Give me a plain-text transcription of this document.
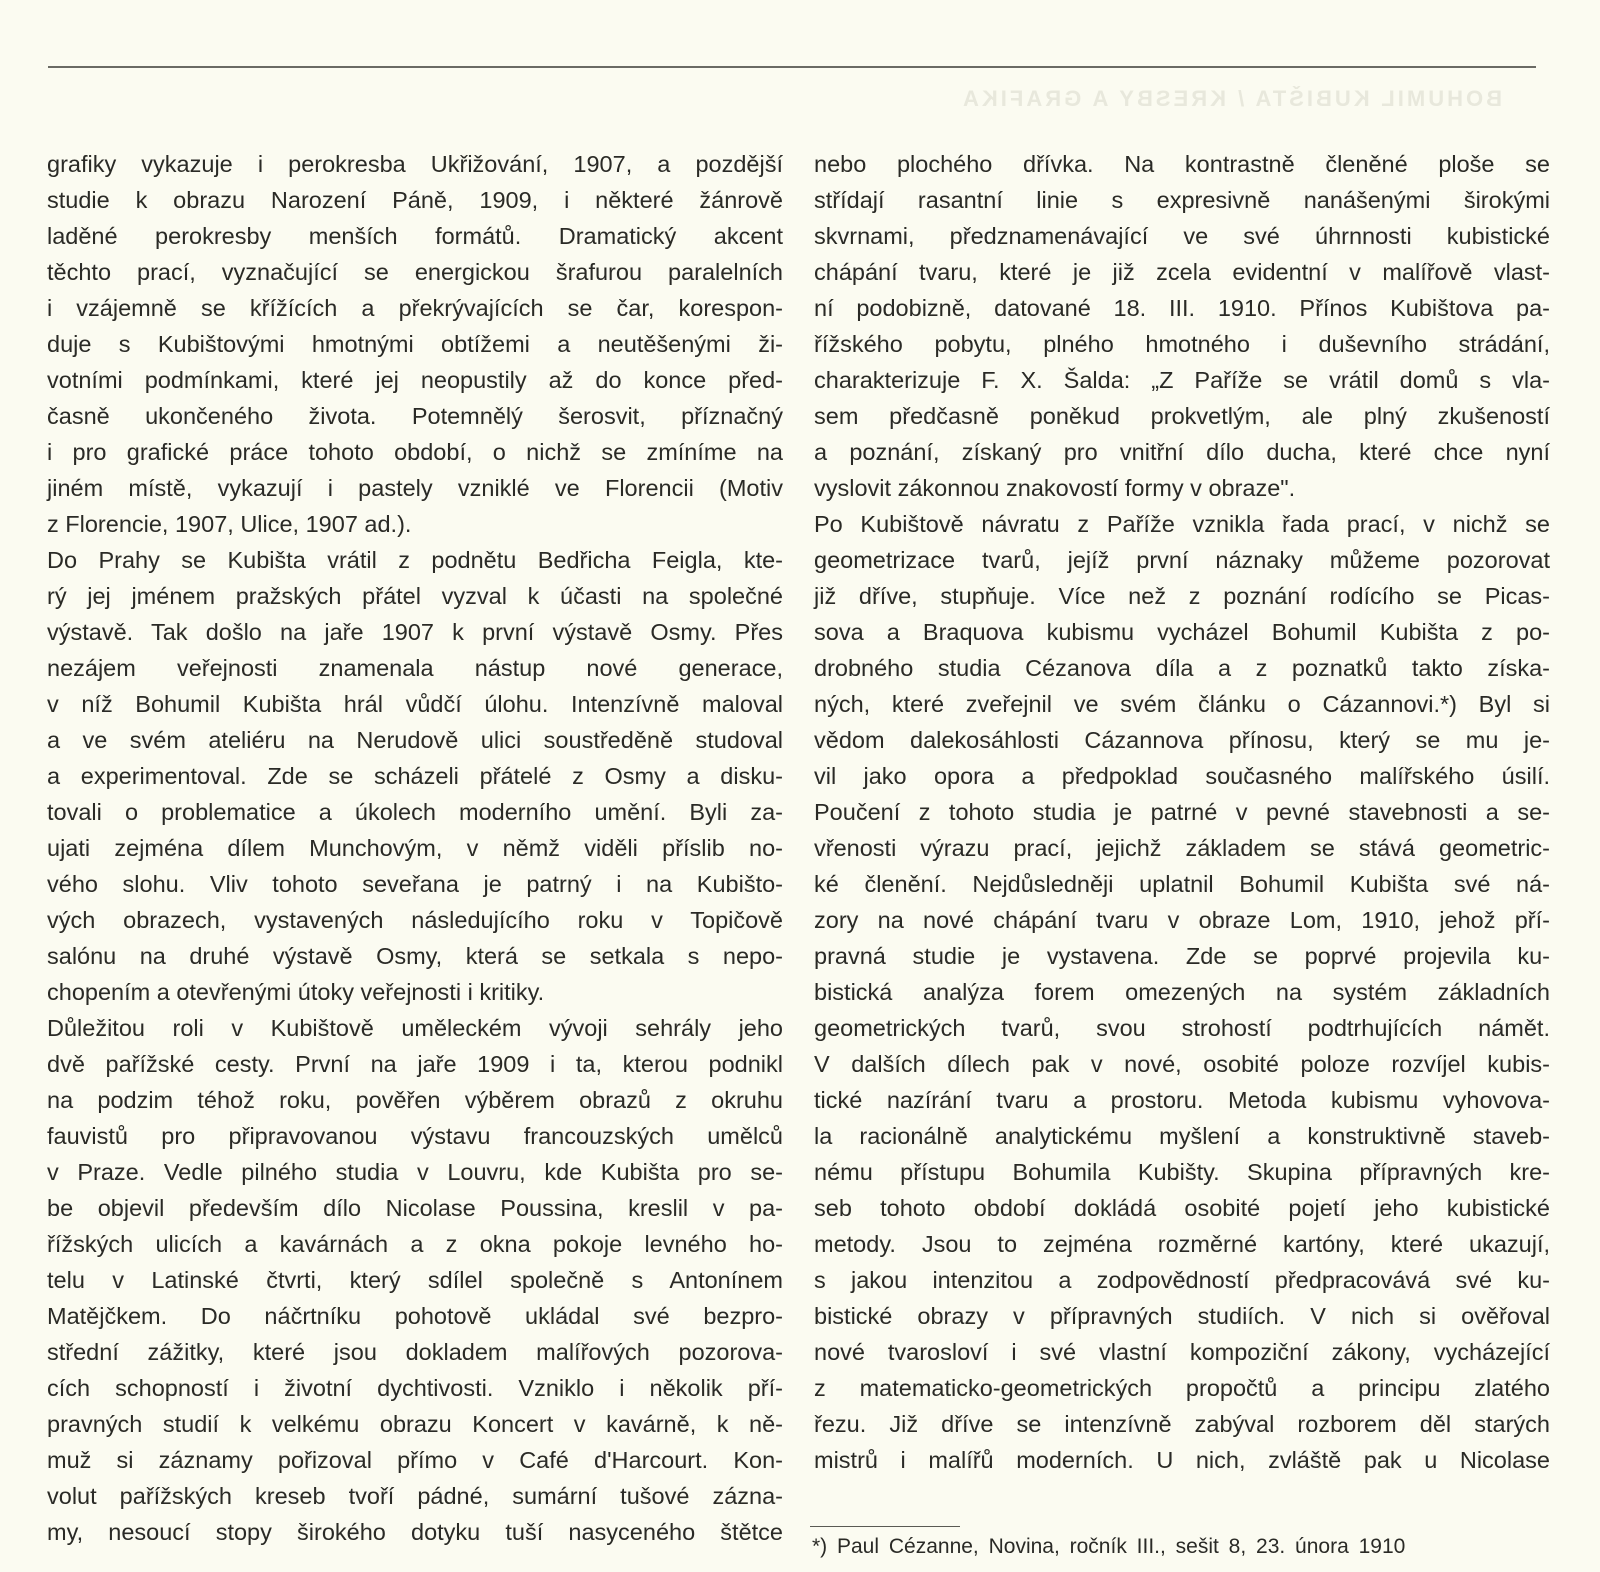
BOHUMIL KUBIŠTA / KRESBY A GRAFIKA
grafiky vykazuje i perokresba Ukřižování, 1907, a pozdější
studie k obrazu Narození Páně, 1909, i některé žánrově
laděné perokresby menších formátů. Dramatický akcent
těchto prací, vyznačující se energickou šrafurou paralelních
i vzájemně se křížících a překrývajících se čar, korespon-
duje s Kubištovými hmotnými obtížemi a neutěšenými ži-
votními podmínkami, které jej neopustily až do konce před-
časně ukončeného života. Potemnělý šerosvit, příznačný
i pro grafické práce tohoto období, o nichž se zmíníme na
jiném místě, vykazují i pastely vzniklé ve Florencii (Motiv
z Florencie, 1907, Ulice, 1907 ad.).
Do Prahy se Kubišta vrátil z podnětu Bedřicha Feigla, kte-
rý jej jménem pražských přátel vyzval k účasti na společné
výstavě. Tak došlo na jaře 1907 k první výstavě Osmy. Přes
nezájem veřejnosti znamenala nástup nové generace,
v níž Bohumil Kubišta hrál vůdčí úlohu. Intenzívně maloval
a ve svém ateliéru na Nerudově ulici soustředěně studoval
a experimentoval. Zde se scházeli přátelé z Osmy a disku-
tovali o problematice a úkolech moderního umění. Byli za-
ujati zejména dílem Munchovým, v němž viděli příslib no-
vého slohu. Vliv tohoto seveřana je patrný i na Kubišto-
vých obrazech, vystavených následujícího roku v Topičově
salónu na druhé výstavě Osmy, která se setkala s nepo-
chopením a otevřenými útoky veřejnosti i kritiky.
Důležitou roli v Kubištově uměleckém vývoji sehrály jeho
dvě pařížské cesty. První na jaře 1909 i ta, kterou podnikl
na podzim téhož roku, pověřen výběrem obrazů z okruhu
fauvistů pro připravovanou výstavu francouzských umělců
v Praze. Vedle pilného studia v Louvru, kde Kubišta pro se-
be objevil především dílo Nicolase Poussina, kreslil v pa-
řížských ulicích a kavárnách a z okna pokoje levného ho-
telu v Latinské čtvrti, který sdílel společně s Antonínem
Matějčkem. Do náčrtníku pohotově ukládal své bezpro-
střední zážitky, které jsou dokladem malířových pozorova-
cích schopností i životní dychtivosti. Vzniklo i několik pří-
pravných studií k velkému obrazu Koncert v kavárně, k ně-
muž si záznamy pořizoval přímo v Café d'Harcourt. Kon-
volut pařížských kreseb tvoří pádné, sumární tušové zázna-
my, nesoucí stopy širokého dotyku tuší nasyceného štětce
nebo plochého dřívka. Na kontrastně členěné ploše se
střídají rasantní linie s expresivně nanášenými širokými
skvrnami, předznamenávající ve své úhrnnosti kubistické
chápání tvaru, které je již zcela evidentní v malířově vlast-
ní podobizně, datované 18. III. 1910. Přínos Kubištova pa-
řížského pobytu, plného hmotného i duševního strádání,
charakterizuje F. X. Šalda: „Z Paříže se vrátil domů s vla-
sem předčasně poněkud prokvetlým, ale plný zkušeností
a poznání, získaný pro vnitřní dílo ducha, které chce nyní
vyslovit zákonnou znakovostí formy v obraze".
Po Kubištově návratu z Paříže vznikla řada prací, v nichž se
geometrizace tvarů, jejíž první náznaky můžeme pozorovat
již dříve, stupňuje. Více než z poznání rodícího se Picas-
sova a Braquova kubismu vycházel Bohumil Kubišta z po-
drobného studia Cézanova díla a z poznatků takto získa-
ných, které zveřejnil ve svém článku o Cázannovi.*) Byl si
vědom dalekosáhlosti Cázannova přínosu, který se mu je-
vil jako opora a předpoklad současného malířského úsilí.
Poučení z tohoto studia je patrné v pevné stavebnosti a se-
vřenosti výrazu prací, jejichž základem se stává geometric-
ké členění. Nejdůsledněji uplatnil Bohumil Kubišta své ná-
zory na nové chápání tvaru v obraze Lom, 1910, jehož pří-
pravná studie je vystavena. Zde se poprvé projevila ku-
bistická analýza forem omezených na systém základních
geometrických tvarů, svou strohostí podtrhujících námět.
V dalších dílech pak v nové, osobité poloze rozvíjel kubis-
tické nazírání tvaru a prostoru. Metoda kubismu vyhovova-
la racionálně analytickému myšlení a konstruktivně staveb-
nému přístupu Bohumila Kubišty. Skupina přípravných kre-
seb tohoto období dokládá osobité pojetí jeho kubistické
metody. Jsou to zejména rozměrné kartóny, které ukazují,
s jakou intenzitou a zodpovědností předpracovává své ku-
bistické obrazy v přípravných studiích. V nich si ověřoval
nové tvarosloví i své vlastní kompoziční zákony, vycházející
z matematicko-geometrických propočtů a principu zlatého
řezu. Již dříve se intenzívně zabýval rozborem děl starých
mistrů i malířů moderních. U nich, zvláště pak u Nicolase
*) Paul Cézanne, Novina, ročník III., sešit 8, 23. února 1910
